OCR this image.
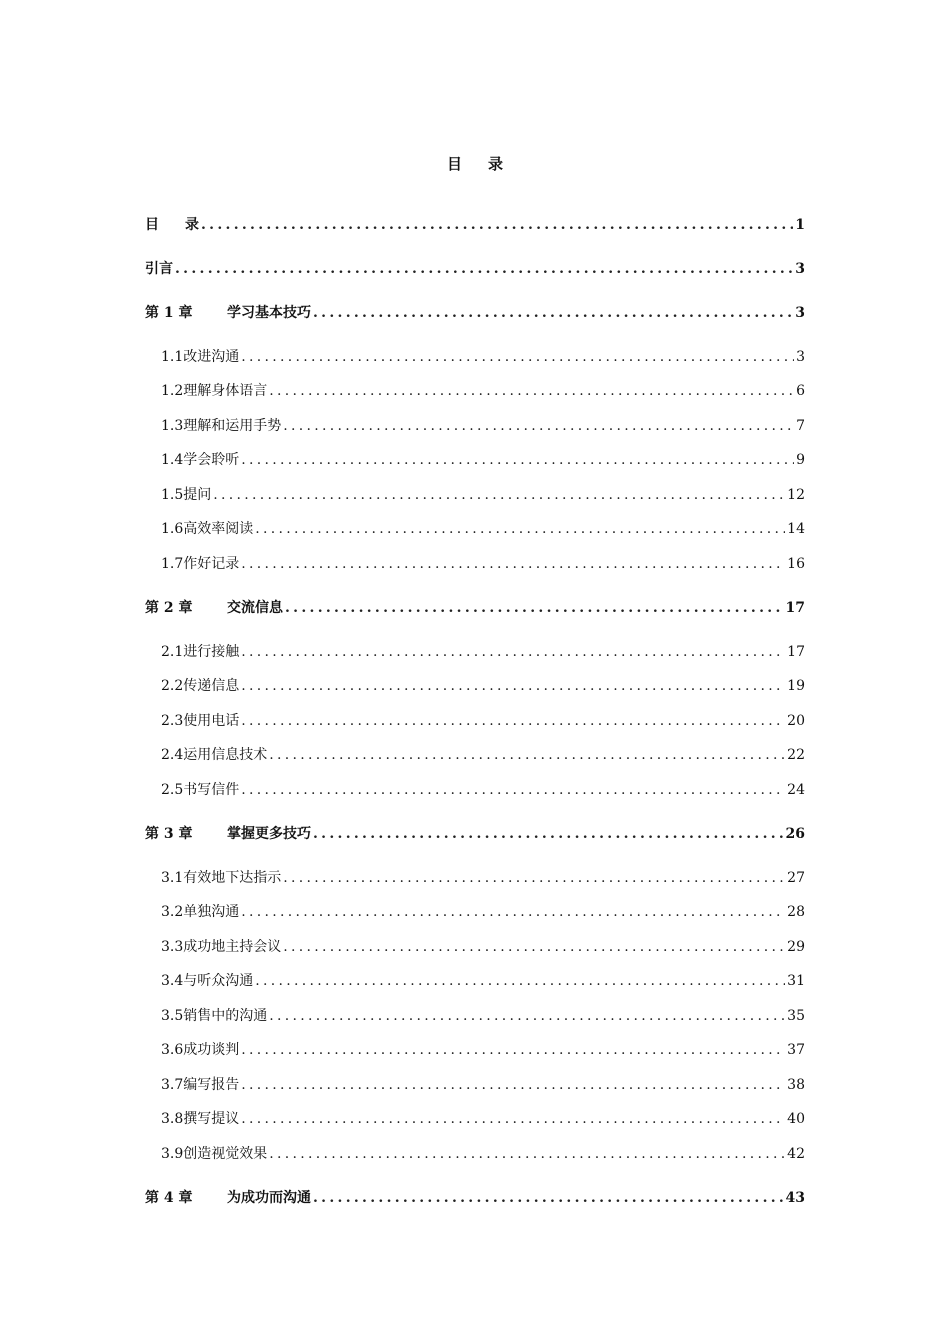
目 录
目 录 .....	1
引言 .....	3
第 1 章	学习基本技巧 .....	3
1.1 改进沟通 .....	3
1.2 理解身体语言 .....	6
1.3 理解和运用手势 .....	7
1.4 学会聆听 .....	9
1.5 提问 .....	12
1.6 高效率阅读 .....	14
1.7 作好记录 .....	16
第 2 章	交流信息 .....	17
2.1 进行接触 .....	17
2.2 传递信息 .....	19
2.3 使用电话 .....	20
2.4 运用信息技术 .....	22
2.5 书写信件 .....	24
第 3 章	掌握更多技巧 .....	26
3.1 有效地下达指示 .....	27
3.2 单独沟通 .....	28
3.3 成功地主持会议 .....	29
3.4 与听众沟通 .....	31
3.5 销售中的沟通 .....	35
3.6 成功谈判 .....	37
3.7 编写报告 .....	38
3.8 撰写提议 .....	40
3.9 创造视觉效果 .....	42
第 4 章	为成功而沟通 .....	43
